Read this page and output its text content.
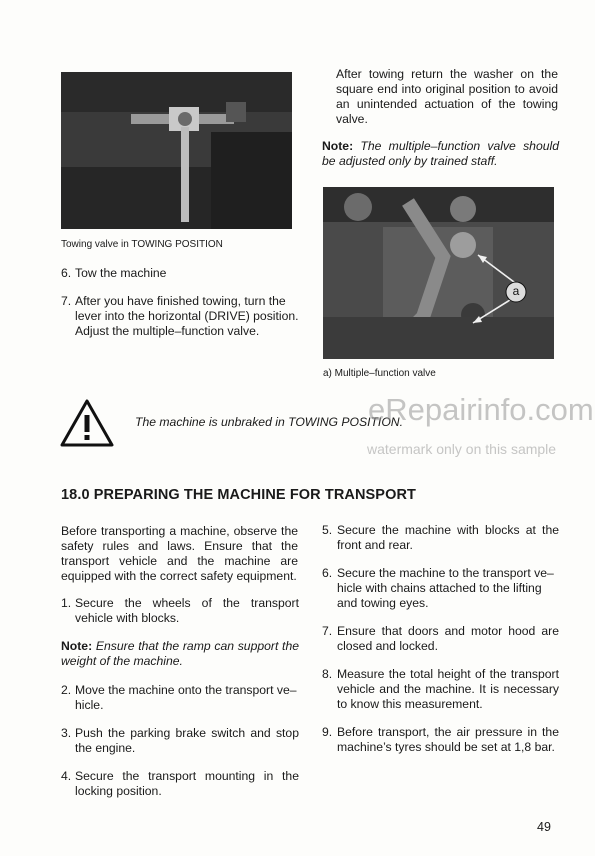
Towing valve in TOWING POSITION
6. Tow the machine
7. After you have finished towing, turn the lever into the horizontal (DRIVE) position. Adjust the multiple–function valve.

After towing return the washer on the square end into original position to avoid an unintended actuation of the towing valve.

Note: The multiple–function valve should be adjusted only by trained staff.

a
a) Multiple–function valve
The machine is unbraked in TOWING POSITION.
eRepairinfo.com
watermark only on this sample
18.0 PREPARING THE MACHINE FOR TRANSPORT

Before transporting a machine, observe the safety rules and laws. Ensure that the transport vehicle and the machine are equipped with the correct safety equipment.

1. Secure the wheels of the transport vehicle with blocks.

Note: Ensure that the ramp can support the weight of the machine.

2. Move the machine onto the transport ve– hicle.
3. Push the parking brake switch and stop the engine.
4. Secure the transport mounting in the locking position.
5. Secure the machine with blocks at the front and rear.
6. Secure the machine to the transport ve– hicle with chains attached to the lifting and towing eyes.
7. Ensure that doors and motor hood are closed and locked.
8. Measure the total height of the transport vehicle and the machine. It is necessary to know this measurement.
9. Before transport, the air pressure in the machine’s tyres should be set at 1,8 bar.
49
